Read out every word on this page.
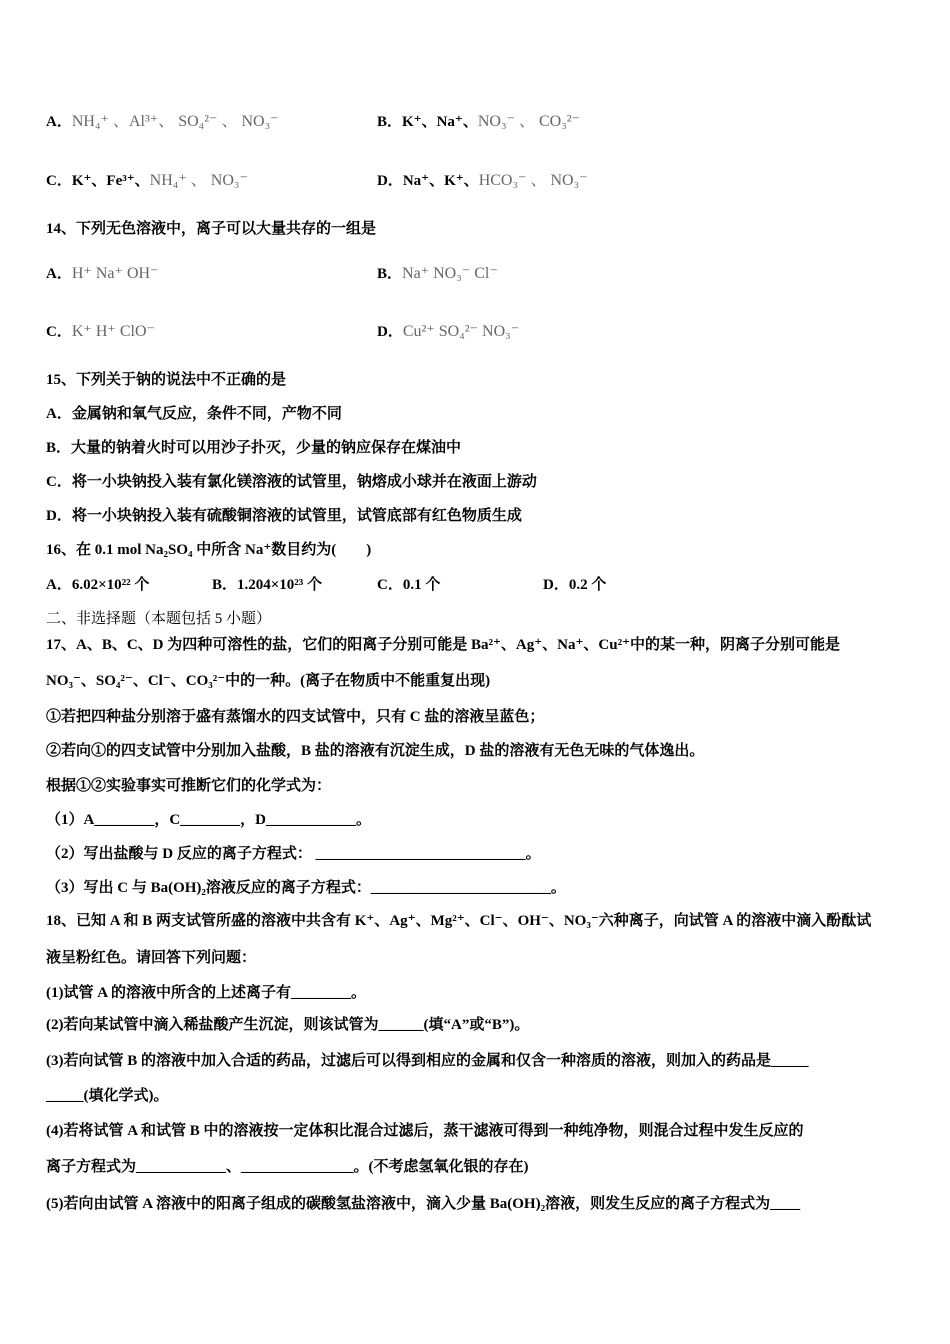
A．NH₄⁺ 、Al³⁺、 SO₄²⁻ 、 NO₃⁻	B．K⁺、Na⁺、NO₃⁻ 、 CO₃²⁻
C．K⁺、Fe³⁺、NH₄⁺ 、 NO₃⁻	D．Na⁺、K⁺、HCO₃⁻ 、 NO₃⁻
14、下列无色溶液中，离子可以大量共存的一组是
A．H⁺ Na⁺ OH⁻	B．Na⁺ NO₃⁻ Cl⁻
C．K⁺ H⁺ ClO⁻	D．Cu²⁺ SO₄²⁻ NO₃⁻
15、下列关于钠的说法中不正确的是
A．金属钠和氧气反应，条件不同，产物不同
B．大量的钠着火时可以用沙子扑灭，少量的钠应保存在煤油中
C．将一小块钠投入装有氯化镁溶液的试管里，钠熔成小球并在液面上游动
D．将一小块钠投入装有硫酸铜溶液的试管里，试管底部有红色物质生成
16、在 0.1 mol Na₂SO₄ 中所含 Na⁺数目约为(　　)
A．6.02×10²² 个	B．1.204×10²³ 个	C．0.1 个	D．0.2 个
二、非选择题（本题包括 5 小题）
17、A、B、C、D 为四种可溶性的盐，它们的阳离子分别可能是 Ba²⁺、Ag⁺、Na⁺、Cu²⁺中的某一种，阴离子分别可能是
NO₃⁻、SO₄²⁻、Cl⁻、CO₃²⁻中的一种。(离子在物质中不能重复出现)
①若把四种盐分别溶于盛有蒸馏水的四支试管中，只有 C 盐的溶液呈蓝色；
②若向①的四支试管中分别加入盐酸，B 盐的溶液有沉淀生成，D 盐的溶液有无色无味的气体逸出。
根据①②实验事实可推断它们的化学式为：
（1）A________，C________，D____________。
（2）写出盐酸与 D 反应的离子方程式： ____________________________。
（3）写出 C 与 Ba(OH)₂溶液反应的离子方程式：________________________。
18、已知 A 和 B 两支试管所盛的溶液中共含有 K⁺、Ag⁺、Mg²⁺、Cl⁻、OH⁻、NO₃⁻六种离子，向试管 A 的溶液中滴入酚酞试
液呈粉红色。请回答下列问题：
(1)试管 A 的溶液中所含的上述离子有________。
(2)若向某试管中滴入稀盐酸产生沉淀，则该试管为______(填“A”或“B”)。
(3)若向试管 B 的溶液中加入合适的药品，过滤后可以得到相应的金属和仅含一种溶质的溶液，则加入的药品是_____
_____(填化学式)。
(4)若将试管 A 和试管 B 中的溶液按一定体积比混合过滤后，蒸干滤液可得到一种纯净物，则混合过程中发生反应的
离子方程式为____________、_______________。(不考虑氢氧化银的存在)
(5)若向由试管 A 溶液中的阳离子组成的碳酸氢盐溶液中，滴入少量 Ba(OH)₂溶液，则发生反应的离子方程式为____
